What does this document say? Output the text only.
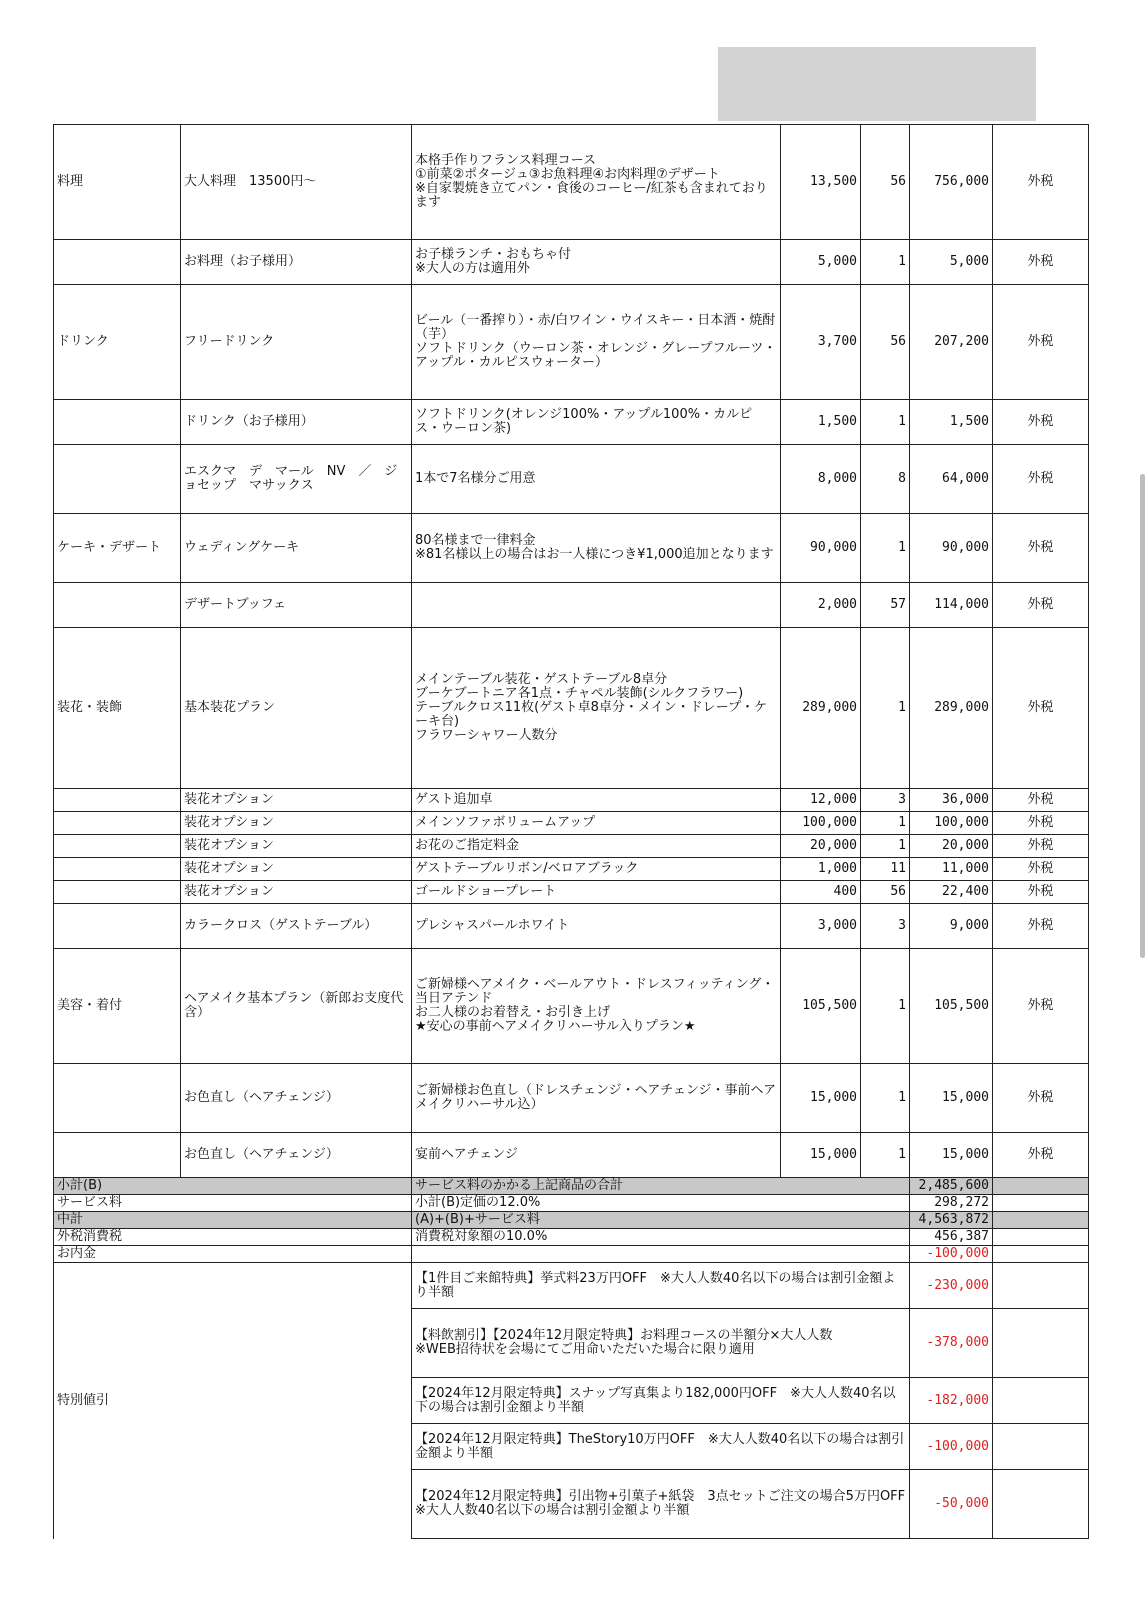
料理	大人料理　13500円～	本格手作りフランス料理コース
①前菜②ポタージュ③お魚料理④お肉料理⑦デザート
※自家製焼き立てパン・食後のコーヒー/紅茶も含まれております	13,500	56	756,000	外税
	お料理（お子様用）	お子様ランチ・おもちゃ付
※大人の方は適用外	5,000	1	5,000	外税
ドリンク	フリードリンク	ビール（一番搾り）・赤/白ワイン・ウイスキー・日本酒・焼酎（芋）
ソフトドリンク（ウーロン茶・オレンジ・グレープフルーツ・アップル・カルピスウォーター）	3,700	56	207,200	外税
	ドリンク（お子様用）	ソフトドリンク(オレンジ100%・アップル100%・カルピス・ウーロン茶)	1,500	1	1,500	外税
	エスクマ　デ　マール　NV　／　ジョセップ　マサックス	1本で7名様分ご用意	8,000	8	64,000	外税
ケーキ・デザート	ウェディングケーキ	80名様まで一律料金
※81名様以上の場合はお一人様につき¥1,000追加となります	90,000	1	90,000	外税
	デザートブッフェ		2,000	57	114,000	外税
装花・装飾	基本装花プラン	メインテーブル装花・ゲストテーブル8卓分
ブーケブートニア各1点・チャペル装飾(シルクフラワー)
テーブルクロス11枚(ゲスト卓8卓分・メイン・ドレープ・ケーキ台)
フラワーシャワー人数分	289,000	1	289,000	外税
	装花オプション	ゲスト追加卓	12,000	3	36,000	外税
	装花オプション	メインソファボリュームアップ	100,000	1	100,000	外税
	装花オプション	お花のご指定料金	20,000	1	20,000	外税
	装花オプション	ゲストテーブルリボン/ベロアブラック	1,000	11	11,000	外税
	装花オプション	ゴールドショープレート	400	56	22,400	外税
	カラークロス（ゲストテーブル）	プレシャスパールホワイト	3,000	3	9,000	外税
美容・着付	ヘアメイク基本プラン（新郎お支度代含）	ご新婦様ヘアメイク・ベールアウト・ドレスフィッティング・当日アテンド
お二人様のお着替え・お引き上げ
★安心の事前ヘアメイクリハーサル入りプラン★	105,500	1	105,500	外税
	お色直し（ヘアチェンジ）	ご新婦様お色直し（ドレスチェンジ・ヘアチェンジ・事前ヘアメイクリハーサル込）	15,000	1	15,000	外税
	お色直し（ヘアチェンジ）	宴前ヘアチェンジ	15,000	1	15,000	外税
小計(B)		サービス料のかかる上記商品の合計			2,485,600	
サービス料		小計(B)定価の12.0%			298,272	
中計		(A)+(B)+サービス料			4,563,872	
外税消費税		消費税対象額の10.0%			456,387	
お内金					-100,000	
特別値引		【1件目ご来館特典】挙式料23万円OFF　※大人人数40名以下の場合は割引金額より半額			-230,000	
		【料飲割引】【2024年12月限定特典】お料理コースの半額分×大人人数
※WEB招待状を会場にてご用命いただいた場合に限り適用			-378,000	
		【2024年12月限定特典】スナップ写真集より182,000円OFF　※大人人数40名以下の場合は割引金額より半額			-182,000	
		【2024年12月限定特典】TheStory10万円OFF　※大人人数40名以下の場合は割引金額より半額			-100,000	
		【2024年12月限定特典】引出物+引菓子+紙袋　3点セットご注文の場合5万円OFF　※大人人数40名以下の場合は割引金額より半額			-50,000	
